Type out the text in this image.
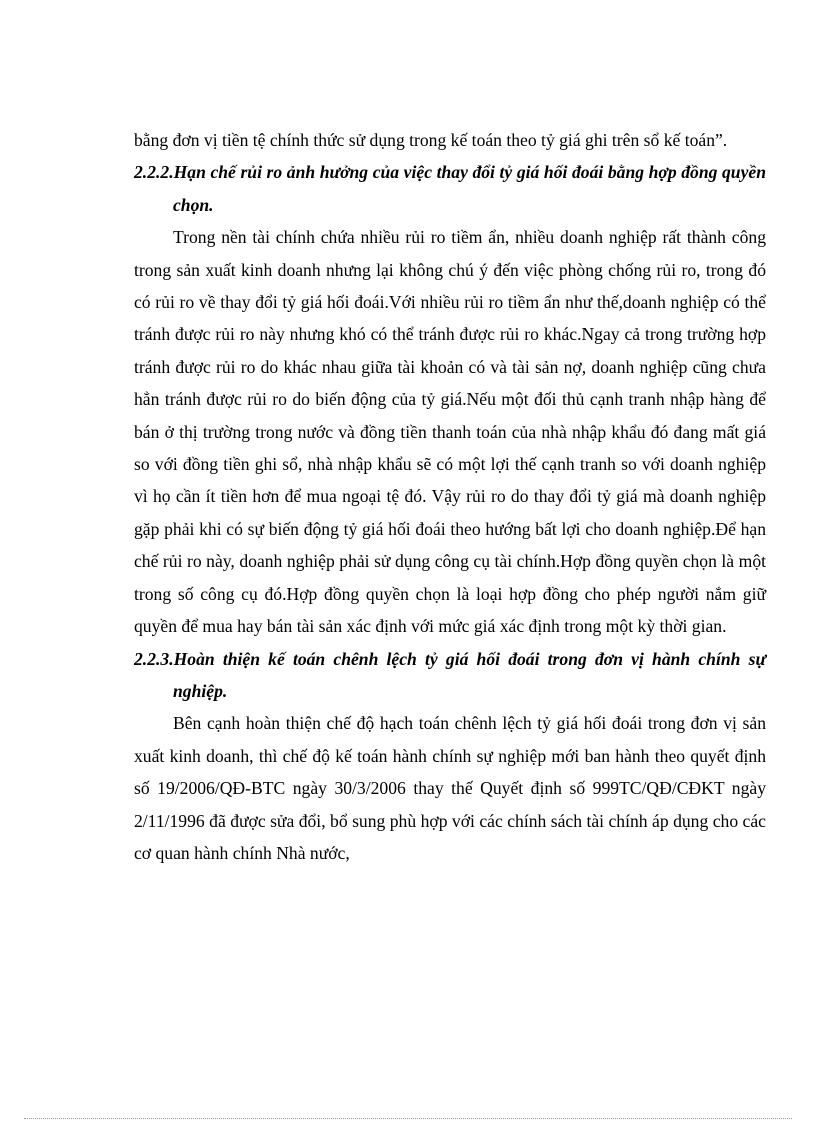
bằng đơn vị tiền tệ chính thức sử dụng trong kế toán theo tỷ giá ghi trên sổ kế toán”.

2.2.2.Hạn chế rủi ro ảnh hưởng của việc thay đổi tỷ giá hối đoái bằng hợp đồng quyền chọn.

Trong nền tài chính chứa nhiều rủi ro tiềm ẩn, nhiều doanh nghiệp rất thành công trong sản xuất kinh doanh nhưng lại không chú ý đến việc phòng chống rủi ro, trong đó có rủi ro về thay đổi tỷ giá hối đoái.Với nhiều rủi ro tiềm ẩn như thế,doanh nghiệp có thể tránh được rủi ro này nhưng khó có thể tránh được rủi ro khác.Ngay cả trong trường hợp tránh được rủi ro do khác nhau giữa tài khoản có và tài sản nợ, doanh nghiệp cũng chưa hẳn tránh được rủi ro do biến động của tỷ giá.Nếu một đối thủ cạnh tranh nhập hàng để bán ở thị trường trong nước và đồng tiền thanh toán của nhà nhập khẩu đó đang mất giá so với đồng tiền ghi sổ, nhà nhập khẩu sẽ có một lợi thế cạnh tranh so với doanh nghiệp vì họ cần ít tiền hơn để mua ngoại tệ đó. Vậy rủi ro do thay đổi tỷ giá mà doanh nghiệp gặp phải khi có sự biến động tỷ giá hối đoái theo hướng bất lợi cho doanh nghiệp.Để hạn chế rủi ro này, doanh nghiệp phải sử dụng công cụ tài chính.Hợp đồng quyền chọn là một trong số công cụ đó.Hợp đồng quyền chọn là loại hợp đồng cho phép người nắm giữ quyền để mua hay bán tài sản xác định với mức giá xác định trong một kỳ thời gian.

2.2.3.Hoàn thiện kế toán chênh lệch tỷ giá hối đoái trong đơn vị hành chính sự nghiệp.

Bên cạnh hoàn thiện chế độ hạch toán chênh lệch tỷ giá hối đoái trong đơn vị sản xuất kinh doanh, thì chế độ kế toán hành chính sự nghiệp mới ban hành theo quyết định số 19/2006/QĐ-BTC ngày 30/3/2006 thay thế Quyết định số 999TC/QĐ/CĐKT ngày 2/11/1996 đã được sửa đổi, bổ sung phù hợp với các chính sách tài chính áp dụng cho các cơ quan hành chính Nhà nước,
